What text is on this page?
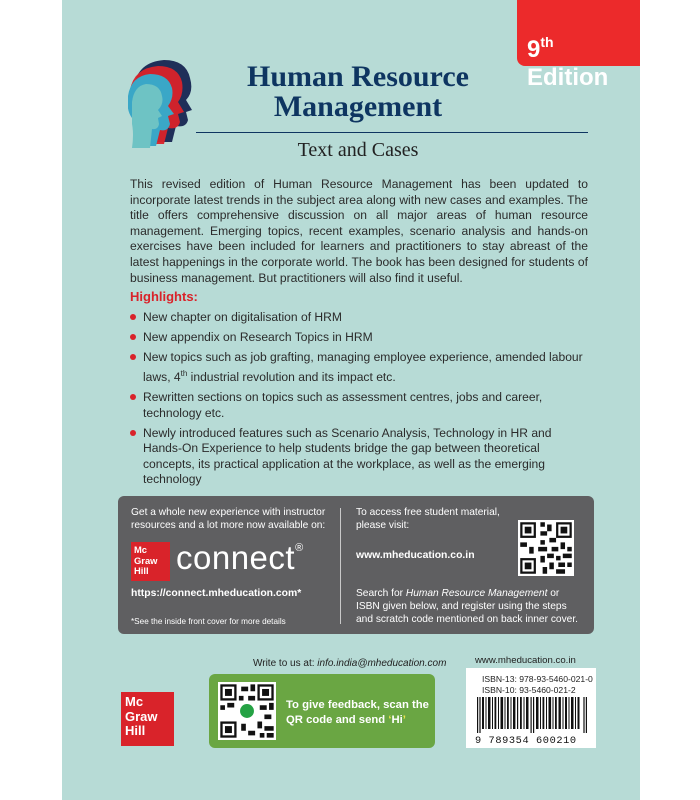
9th Edition
Human Resource
Management
Text and Cases
This revised edition of Human Resource Management has been updated to incorporate latest trends in the subject area along with new cases and examples. The title offers comprehensive discussion on all major areas of human resource management. Emerging topics, recent examples, scenario analysis and hands-on exercises have been included for learners and practitioners to stay abreast of the latest happenings in the corporate world. The book has been designed for students of business management. But practitioners will also find it useful.
Highlights:
New chapter on digitalisation of HRM
New appendix on Research Topics in HRM
New topics such as job grafting, managing employee experience, amended labour laws, 4th industrial revolution and its impact etc.
Rewritten sections on topics such as assessment centres, jobs and career, technology etc.
Newly introduced features such as Scenario Analysis, Technology in HR and Hands-On Experience to help students bridge the gap between theoretical concepts, its practical application at the workplace, as well as the emerging technology
Get a whole new experience with instructor resources and a lot more now available on:
Mc Graw Hill connect®
https://connect.mheducation.com*
*See the inside front cover for more details
To access free student material, please visit:
www.mheducation.co.in
Search for Human Resource Management or ISBN given below, and register using the steps and scratch code mentioned on back inner cover.
Write to us at: info.india@mheducation.com
Mc Graw Hill
To give feedback, scan the QR code and send ‘Hi’
www.mheducation.co.in
ISBN-13: 978-93-5460-021-0
ISBN-10: 93-5460-021-2
9 789354 600210
